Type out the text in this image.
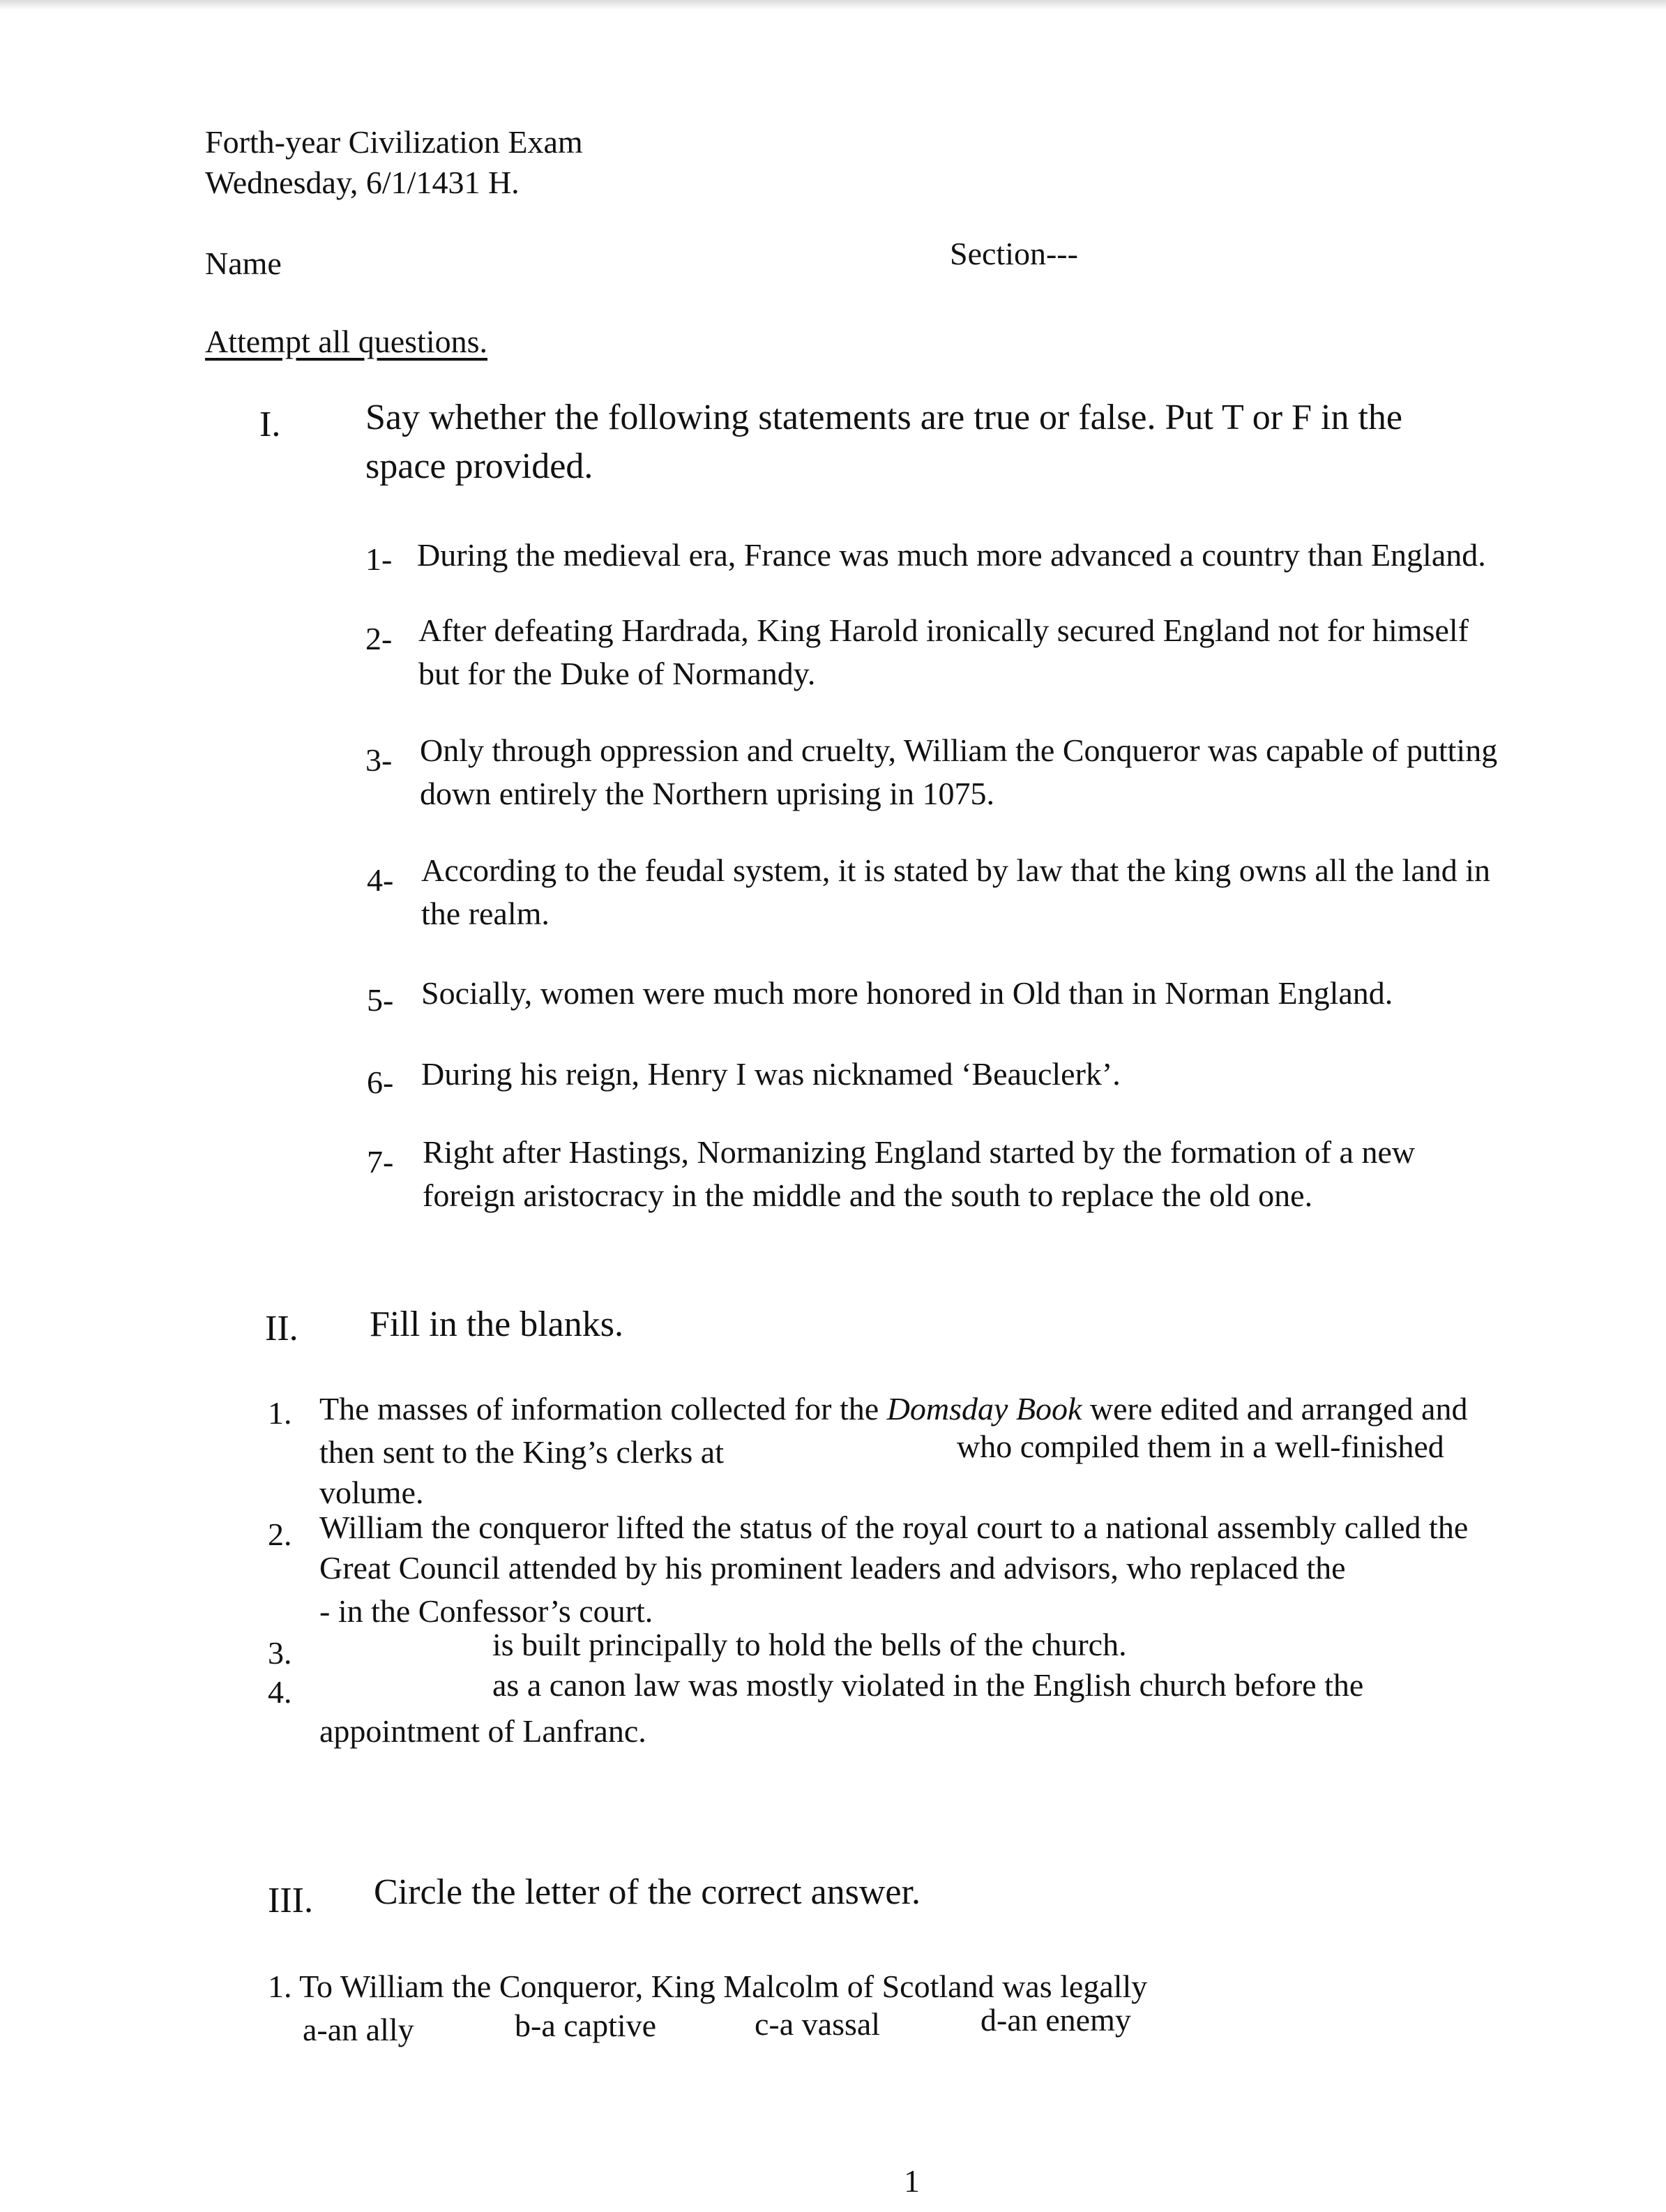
Forth-year Civilization Exam
Wednesday, 6/1/1431 H.
Name	Section---
Attempt all questions.
I. Say whether the following statements are true or false. Put T or F in the
space provided.
1- During the medieval era, France was much more advanced a country than England.
2- After defeating Hardrada, King Harold ironically secured England not for himself
but for the Duke of Normandy.
3- Only through oppression and cruelty, William the Conqueror was capable of putting
down entirely the Northern uprising in 1075.
4- According to the feudal system, it is stated by law that the king owns all the land in
the realm.
5- Socially, women were much more honored in Old than in Norman England.
6- During his reign, Henry I was nicknamed ‘Beauclerk’.
7- Right after Hastings, Normanizing England started by the formation of a new
foreign aristocracy in the middle and the south to replace the old one.
II. Fill in the blanks.
1. The masses of information collected for the Domsday Book were edited and arranged and
then sent to the King’s clerks at	who compiled them in a well-finished
volume.
2. William the conqueror lifted the status of the royal court to a national assembly called the
Great Council attended by his prominent leaders and advisors, who replaced the
- in the Confessor’s court.
3.	is built principally to hold the bells of the church.
4.	as a canon law was mostly violated in the English church before the
appointment of Lanfranc.
III. Circle the letter of the correct answer.
1. To William the Conqueror, King Malcolm of Scotland was legally
a-an ally	b-a captive	c-a vassal	d-an enemy
1
